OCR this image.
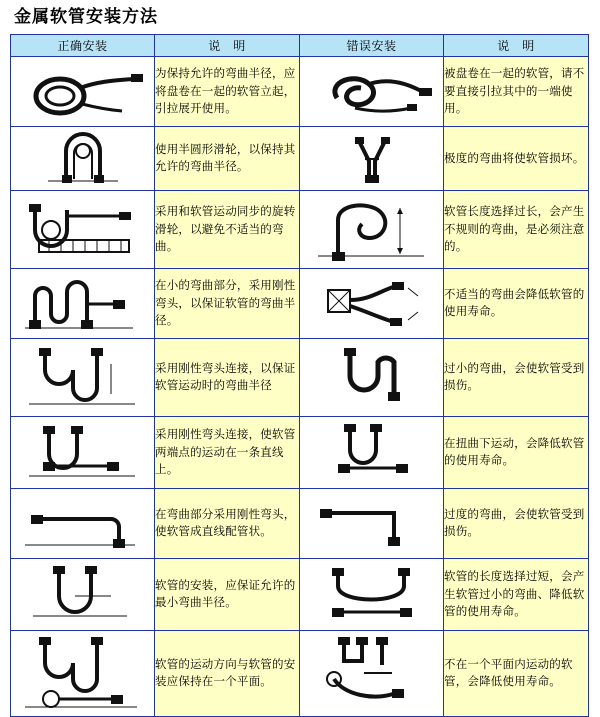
金属软管安装方法
正确安装	说　明	错误安装	说　明

	为保持允许的弯曲半径，应将盘卷在一起的软管立起，引拉展开使用。		被盘卷在一起的软管，请不要直接引拉其中的一端使用。

	使用半圆形滑轮，以保持其允许的弯曲半径。		极度的弯曲将使软管损坏。

	采用和软管运动同步的旋转滑轮，以避免不适当的弯曲。		软管长度选择过长，会产生不规则的弯曲，是必须注意的。

	在小的弯曲部分，采用刚性弯头，以保证软管的弯曲半径。		不适当的弯曲会降低软管的使用寿命。

	采用刚性弯头连接，以保证软管运动时的弯曲半径		过小的弯曲，会使软管受到损伤。

	采用刚性弯头连接，使软管两端点的运动在一条直线上。		在扭曲下运动，会降低软管的使用寿命。

	在弯曲部分采用刚性弯头，使软管成直线配管状。		过度的弯曲，会使软管受到损伤。

	软管的安装，应保证允许的最小弯曲半径。		软管的长度选择过短，会产生软管过小的弯曲、降低软管的使用寿命。

	软管的运动方向与软管的安装应保持在一个平面。		不在一个平面内运动的软管，会降低使用寿命。
